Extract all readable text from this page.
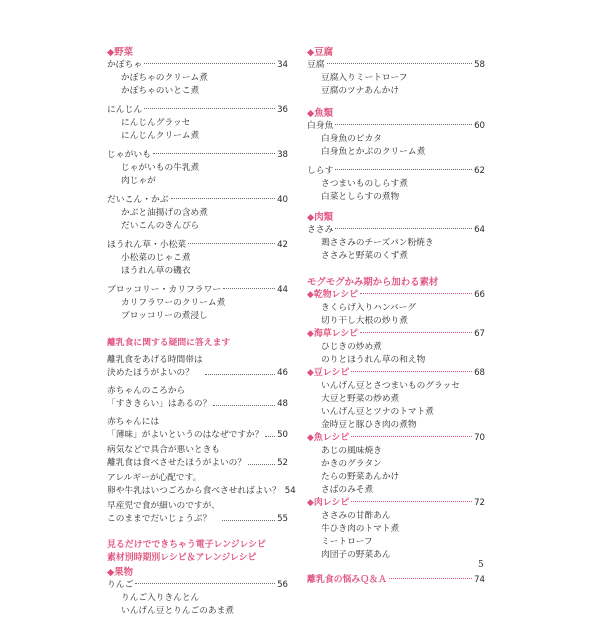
◆野菜
かぼちゃ	34
かぼちゃのクリーム煮
かぼちゃのいとこ煮
にんじん	36
にんじんグラッセ
にんじんクリーム煮
じゃがいも	38
じゃがいもの牛乳煮
肉じゃが
だいこん・かぶ	40
かぶと油揚げの含め煮
だいこんのきんぴら
ほうれん草・小松菜	42
小松菜のじゃこ煮
ほうれん草の磯衣
ブロッコリー・カリフラワー	44
カリフラワーのクリーム煮
ブロッコリーの煮浸し
離乳食に関する疑問に答えます
離乳食をあげる時間帯は
決めたほうがよいの？	46
赤ちゃんのころから
「すききらい」はあるの？	48
赤ちゃんには
「薄味」がよいというのはなぜですか？ 50
病気などで具合が悪いときも
離乳食は食べさせたほうがよいの？	52
アレルギーが心配です。
卵や牛乳はいつごろから食べさせればよい？ 54
早産児で食が細いのですが、
このままでだいじょうぶ？	55
見るだけでできちゃう電子レンジレシピ
素材別時期別レシピ＆アレンジレシピ
◆果物
りんご	56
りんご入りきんとん
いんげん豆とりんごのあま煮
◆豆腐
豆腐	58
豆腐入りミートローフ
豆腐のツナあんかけ
◆魚類
白身魚	60
白身魚のピカタ
白身魚とかぶのクリーム煮
しらす	62
さつまいものしらす煮
白菜としらすの煮物
◆肉類
ささみ	64
鶏ささみのチーズパン粉焼き
ささみと野菜のくず煮
モグモグかみ期から加わる素材
◆乾物レシピ	66
きくらげ入りハンバーグ
切り干し大根の炒り煮
◆海草レシピ	67
ひじきの炒め煮
のりとほうれん草の和え物
◆豆レシピ	68
いんげん豆とさつまいものグラッセ
大豆と野菜の炒め煮
いんげん豆とツナのトマト煮
金時豆と豚ひき肉の煮物
◆魚レシピ	70
あじの風味焼き
かきのグラタン
たらの野菜あんかけ
さばのみそ煮
◆肉レシピ	72
ささみの甘酢あん
牛ひき肉のトマト煮
ミートローフ
肉団子の野菜あん
離乳食の悩みＱ＆Ａ	74
5
